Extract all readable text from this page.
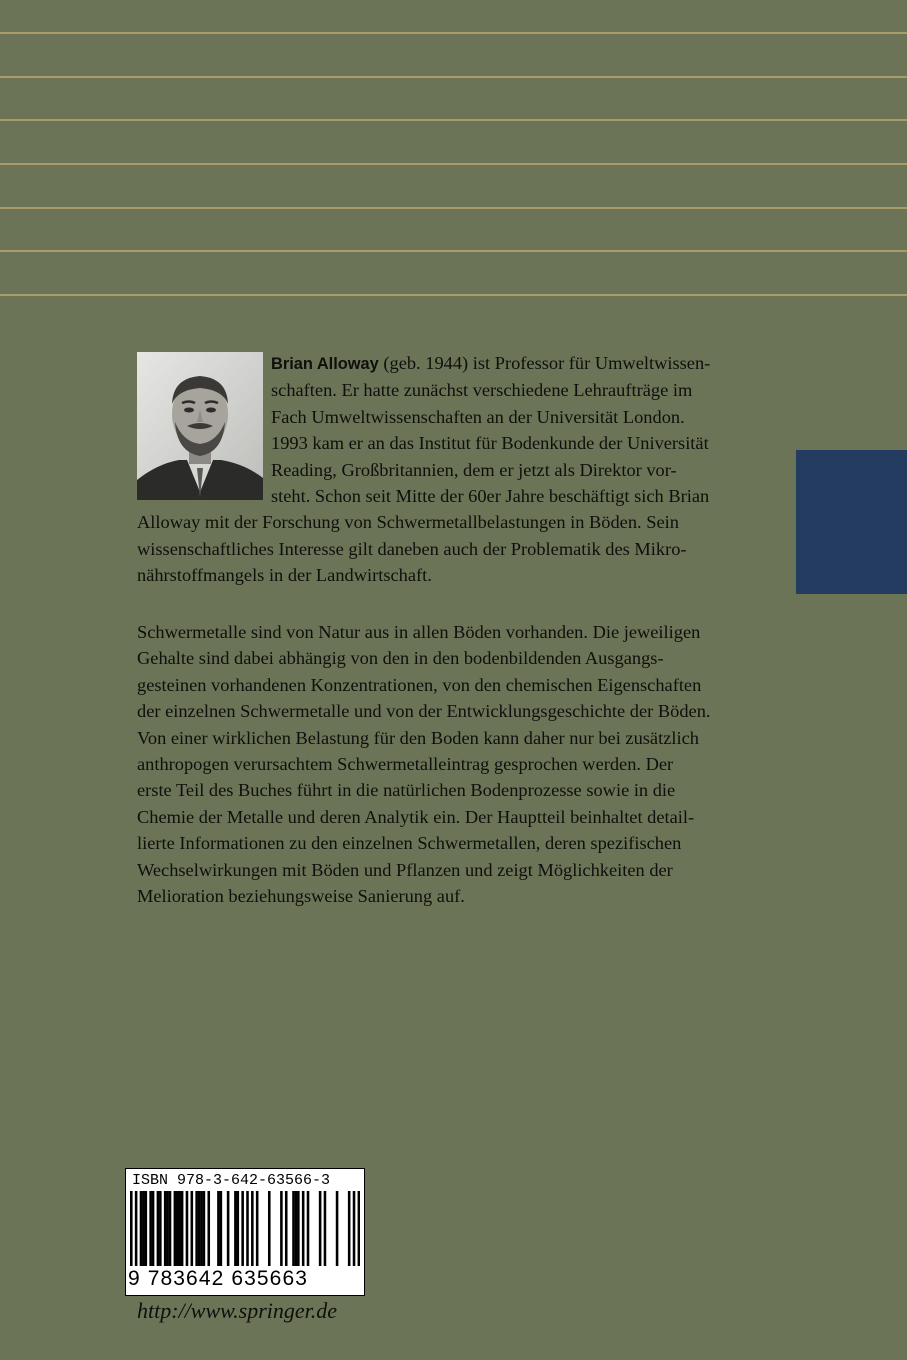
Brian Alloway (geb. 1944) ist Professor für Umweltwissen-
schaften. Er hatte zunächst verschiedene Lehraufträge im
Fach Umweltwissenschaften an der Universität London.
1993 kam er an das Institut für Bodenkunde der Universität
Reading, Großbritannien, dem er jetzt als Direktor vor-
steht. Schon seit Mitte der 60er Jahre beschäftigt sich Brian
Alloway mit der Forschung von Schwermetallbelastungen in Böden. Sein
wissenschaftliches Interesse gilt daneben auch der Problematik des Mikro-
nährstoffmangels in der Landwirtschaft.
Schwermetalle sind von Natur aus in allen Böden vorhanden. Die jeweiligen
Gehalte sind dabei abhängig von den in den bodenbildenden Ausgangs-
gesteinen vorhandenen Konzentrationen, von den chemischen Eigenschaften
der einzelnen Schwermetalle und von der Entwicklungsgeschichte der Böden.
Von einer wirklichen Belastung für den Boden kann daher nur bei zusätzlich
anthropogen verursachtem Schwermetalleintrag gesprochen werden. Der
erste Teil des Buches führt in die natürlichen Bodenprozesse sowie in die
Chemie der Metalle und deren Analytik ein. Der Hauptteil beinhaltet detail-
lierte Informationen zu den einzelnen Schwermetallen, deren spezifischen
Wechselwirkungen mit Böden und Pflanzen und zeigt Möglichkeiten der
Melioration beziehungsweise Sanierung auf.
ISBN 978-3-642-63566-3
9 783642 635663
http://www.springer.de
